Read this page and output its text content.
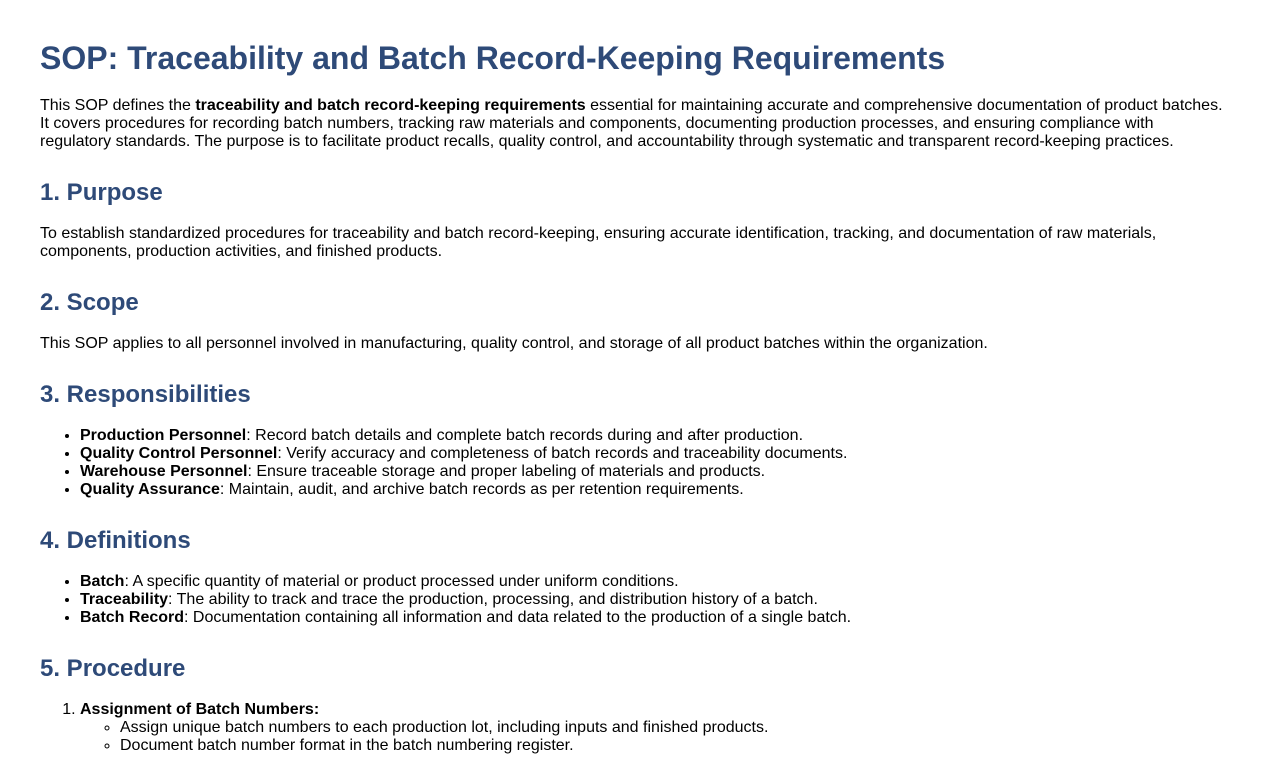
SOP: Traceability and Batch Record-Keeping Requirements

This SOP defines the traceability and batch record-keeping requirements essential for maintaining accurate and comprehensive documentation of product batches. It covers procedures for recording batch numbers, tracking raw materials and components, documenting production processes, and ensuring compliance with regulatory standards. The purpose is to facilitate product recalls, quality control, and accountability through systematic and transparent record-keeping practices.

1. Purpose

To establish standardized procedures for traceability and batch record-keeping, ensuring accurate identification, tracking, and documentation of raw materials, components, production activities, and finished products.

2. Scope

This SOP applies to all personnel involved in manufacturing, quality control, and storage of all product batches within the organization.

3. Responsibilities
• Production Personnel: Record batch details and complete batch records during and after production.
• Quality Control Personnel: Verify accuracy and completeness of batch records and traceability documents.
• Warehouse Personnel: Ensure traceable storage and proper labeling of materials and products.
• Quality Assurance: Maintain, audit, and archive batch records as per retention requirements.
4. Definitions
• Batch: A specific quantity of material or product processed under uniform conditions.
• Traceability: The ability to track and trace the production, processing, and distribution history of a batch.
• Batch Record: Documentation containing all information and data related to the production of a single batch.
5. Procedure
1. Assignment of Batch Numbers:
◦ Assign unique batch numbers to each production lot, including inputs and finished products.
◦ Document batch number format in the batch numbering register.
